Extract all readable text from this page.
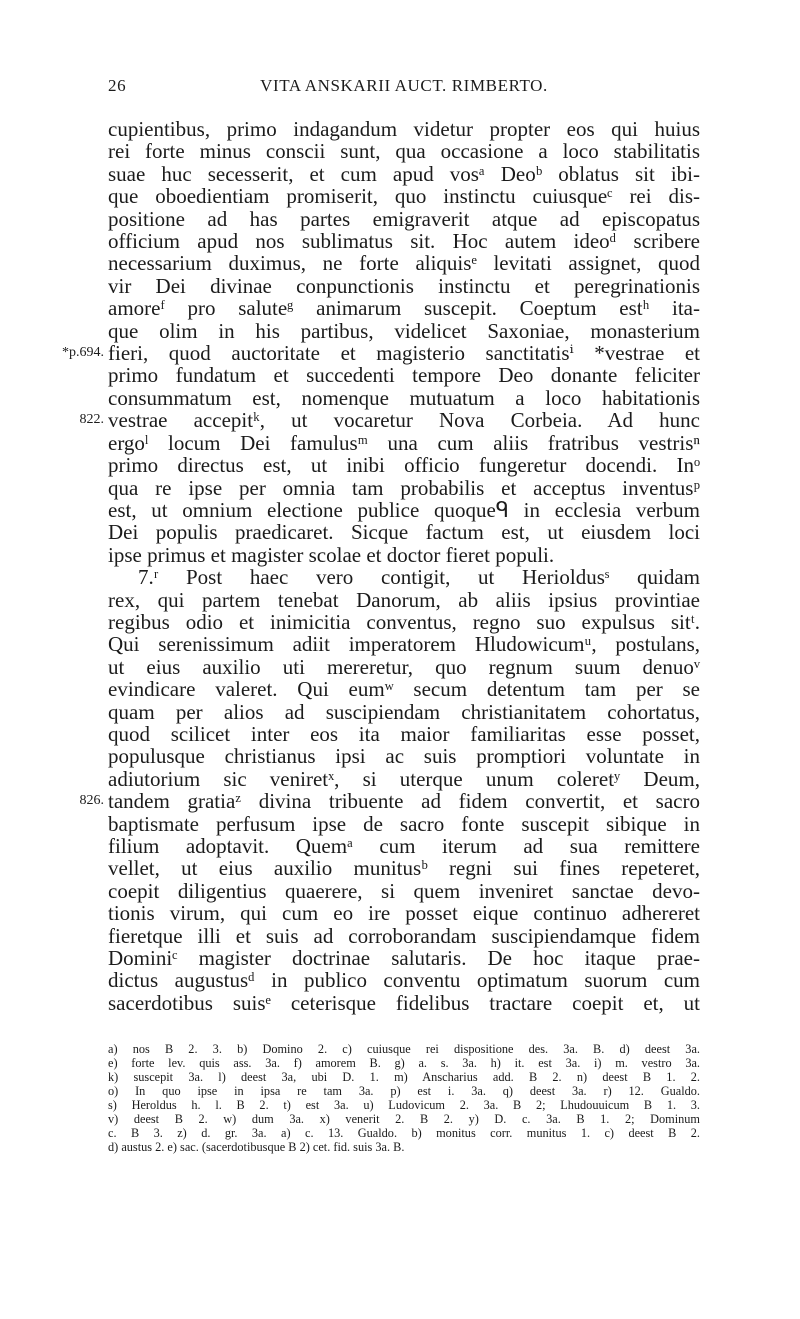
26	VITA ANSKARII AUCT. RIMBERTO.
cupientibus, primo indagandum videtur propter eos qui huius
rei forte minus conscii sunt, qua occasione a loco stabilitatis
suae huc secesserit, et cum apud vosᵃ Deoᵇ oblatus sit ibi-
que oboedientiam promiserit, quo instinctu cuiusqueᶜ rei dis-
positione ad has partes emigraverit atque ad episcopatus
officium apud nos sublimatus sit. Hoc autem ideoᵈ scribere
necessarium duximus, ne forte aliquisᵉ levitati assignet, quod
vir Dei divinae conpunctionis instinctu et peregrinationis
amoreᶠ pro saluteᵍ animarum suscepit. Coeptum estʰ ita-
que olim in his partibus, videlicet Saxoniae, monasterium
fieri, quod auctoritate et magisterio sanctitatisⁱ *vestrae et
*p.694.
primo fundatum et succedenti tempore Deo donante feliciter
consummatum est, nomenque mutuatum a loco habitationis
vestrae accepitᵏ, ut vocaretur Nova Corbeia. Ad hunc
822.
ergoˡ locum Dei famulusᵐ una cum aliis fratribus vestrisⁿ
primo directus est, ut inibi officio fungeretur docendi. Inᵒ
qua re ipse per omnia tam probabilis et acceptus inventusᵖ
est, ut omnium electione publice quoqueᑫ in ecclesia verbum
Dei populis praedicaret. Sicque factum est, ut eiusdem loci
ipse primus et magister scolae et doctor fieret populi.
7.ʳ Post haec vero contigit, ut Herioldusˢ quidam
rex, qui partem tenebat Danorum, ab aliis ipsius provintiae
regibus odio et inimicitia conventus, regno suo expulsus sitᵗ.
Qui serenissimum adiit imperatorem Hludowicumᵘ, postulans,
ut eius auxilio uti mereretur, quo regnum suum denuoᵛ
evindicare valeret. Qui eumʷ secum detentum tam per se
quam per alios ad suscipiendam christianitatem cohortatus,
quod scilicet inter eos ita maior familiaritas esse posset,
populusque christianus ipsi ac suis promptiori voluntate in
adiutorium sic veniretˣ, si uterque unum coleretʸ Deum,
tandem gratiaᶻ divina tribuente ad fidem convertit, et sacro
826.
baptismate perfusum ipse de sacro fonte suscepit sibique in
filium adoptavit. Quemᵃ cum iterum ad sua remittere
vellet, ut eius auxilio munitusᵇ regni sui fines repeteret,
coepit diligentius quaerere, si quem inveniret sanctae devo-
tionis virum, qui cum eo ire posset eique continuo adhereret
fieretque illi et suis ad corroborandam suscipiendamque fidem
Dominiᶜ magister doctrinae salutaris. De hoc itaque prae-
dictus augustusᵈ in publico conventu optimatum suorum cum
sacerdotibus suisᵉ ceterisque fidelibus tractare coepit et, ut
a) nos B 2. 3. b) Domino 2. c) cuiusque rei dispositione des. 3a. B. d) deest 3a.
e) forte lev. quis ass. 3a. f) amorem B. g) a. s. 3a. h) it. est 3a. i) m. vestro 3a.
k) suscepit 3a. l) deest 3a, ubi D. 1. m) Anscharius add. B 2. n) deest B 1. 2.
o) In quo ipse in ipsa re tam 3a. p) est i. 3a. q) deest 3a. r) 12. Gualdo.
s) Heroldus h. l. B 2. t) est 3a. u) Ludovicum 2. 3a. B 2; Lhudouuicum B 1. 3.
v) deest B 2. w) dum 3a. x) venerit 2. B 2. y) D. c. 3a. B 1. 2; Dominum
c. B 3. z) d. gr. 3a. a) c. 13. Gualdo. b) monitus corr. munitus 1. c) deest B 2.
d) austus 2. e) sac. (sacerdotibusque B 2) cet. fid. suis 3a. B.
